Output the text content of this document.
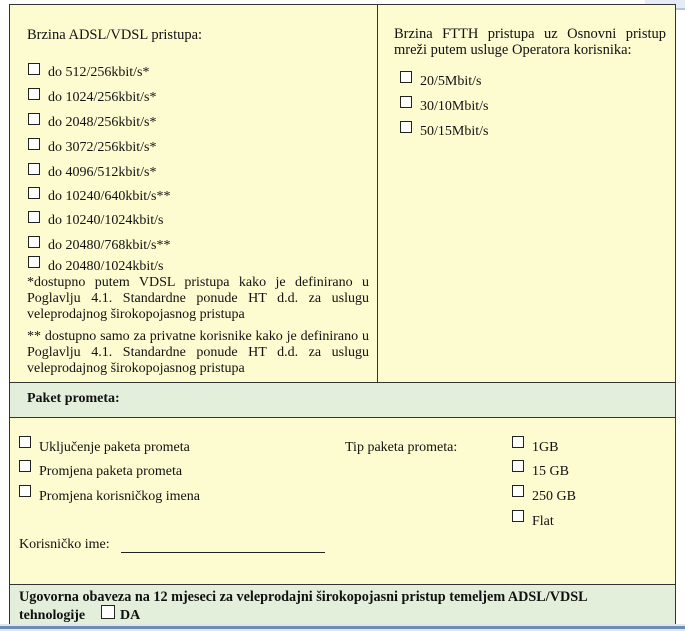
Brzina ADSL/VDSL pristupa:
do 512/256kbit/s*
do 1024/256kbit/s*
do 2048/256kbit/s*
do 3072/256kbit/s*
do 4096/512kbit/s*
do 10240/640kbit/s**
do 10240/1024kbit/s
do 20480/768kbit/s**
do 20480/1024kbit/s
*dostupno putem VDSL pristupa kako je definirano u Poglavlju 4.1. Standardne ponude HT d.d. za uslugu veleprodajnog širokopojasnog pristupa
** dostupno samo za privatne korisnike kako je definirano u Poglavlju 4.1. Standardne ponude HT d.d. za uslugu veleprodajnog širokopojasnog pristupa
Brzina FTTH pristupa uz Osnovni pristup mreži putem usluge Operatora korisnika:
20/5Mbit/s
30/10Mbit/s
50/15Mbit/s
Paket prometa:
Uključenje paketa prometa
Promjena paketa prometa
Promjena korisničkog imena
Tip paketa prometa:	1GB
15 GB
250 GB
Flat
Korisničko ime:
Ugovorna obaveza na 12 mjeseci za veleprodajni širokopojasni pristup temeljem ADSL/VDSL
tehnologije DA
